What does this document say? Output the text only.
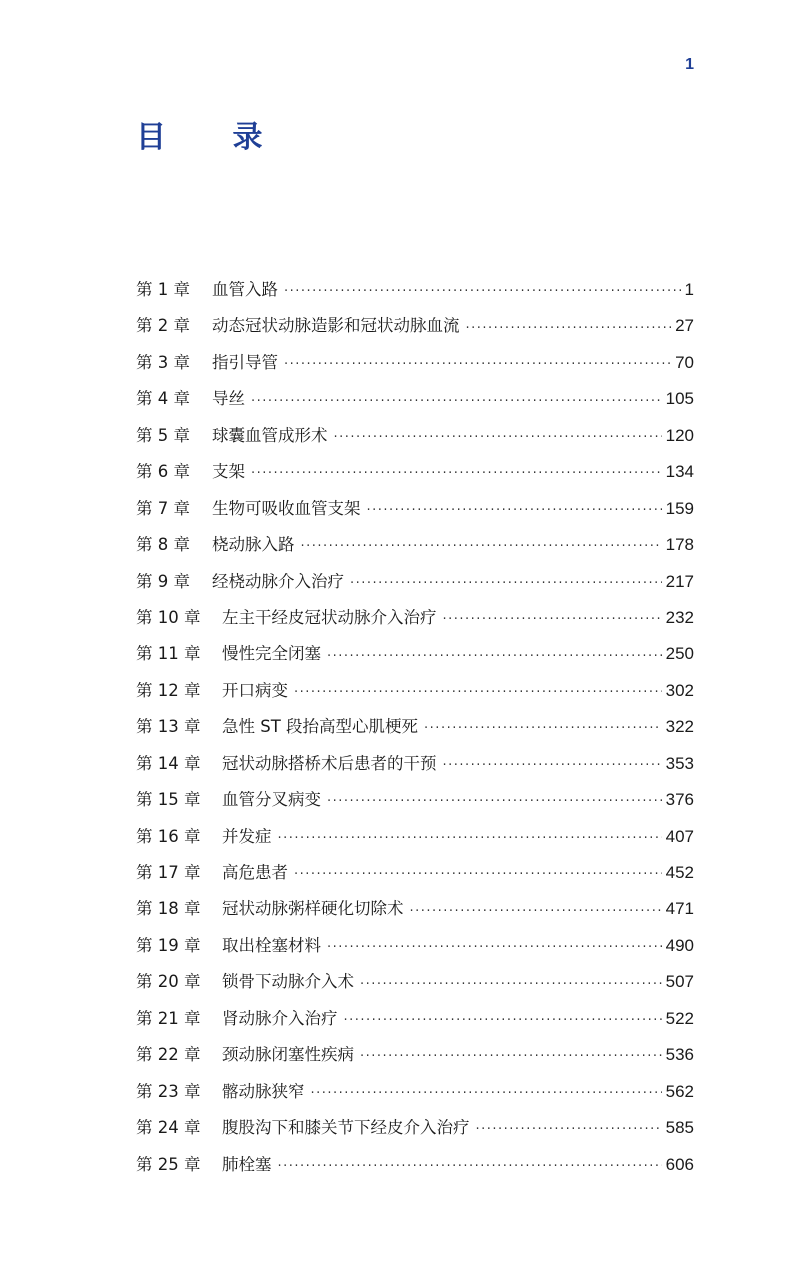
1
目 录
第 1 章	血管入路 ·····	1
第 2 章	动态冠状动脉造影和冠状动脉血流 ·····	27
第 3 章	指引导管 ·····	70
第 4 章	导丝 ·····	105
第 5 章	球囊血管成形术 ·····	120
第 6 章	支架 ·····	134
第 7 章	生物可吸收血管支架 ·····	159
第 8 章	桡动脉入路 ·····	178
第 9 章	经桡动脉介入治疗 ·····	217
第 10 章	左主干经皮冠状动脉介入治疗 ·····	232
第 11 章	慢性完全闭塞 ·····	250
第 12 章	开口病变 ·····	302
第 13 章	急性 ST 段抬高型心肌梗死 ·····	322
第 14 章	冠状动脉搭桥术后患者的干预 ·····	353
第 15 章	血管分叉病变 ·····	376
第 16 章	并发症 ·····	407
第 17 章	高危患者 ·····	452
第 18 章	冠状动脉粥样硬化切除术 ·····	471
第 19 章	取出栓塞材料 ·····	490
第 20 章	锁骨下动脉介入术 ·····	507
第 21 章	肾动脉介入治疗 ·····	522
第 22 章	颈动脉闭塞性疾病 ·····	536
第 23 章	髂动脉狭窄 ·····	562
第 24 章	腹股沟下和膝关节下经皮介入治疗 ·····	585
第 25 章	肺栓塞 ·····	606
